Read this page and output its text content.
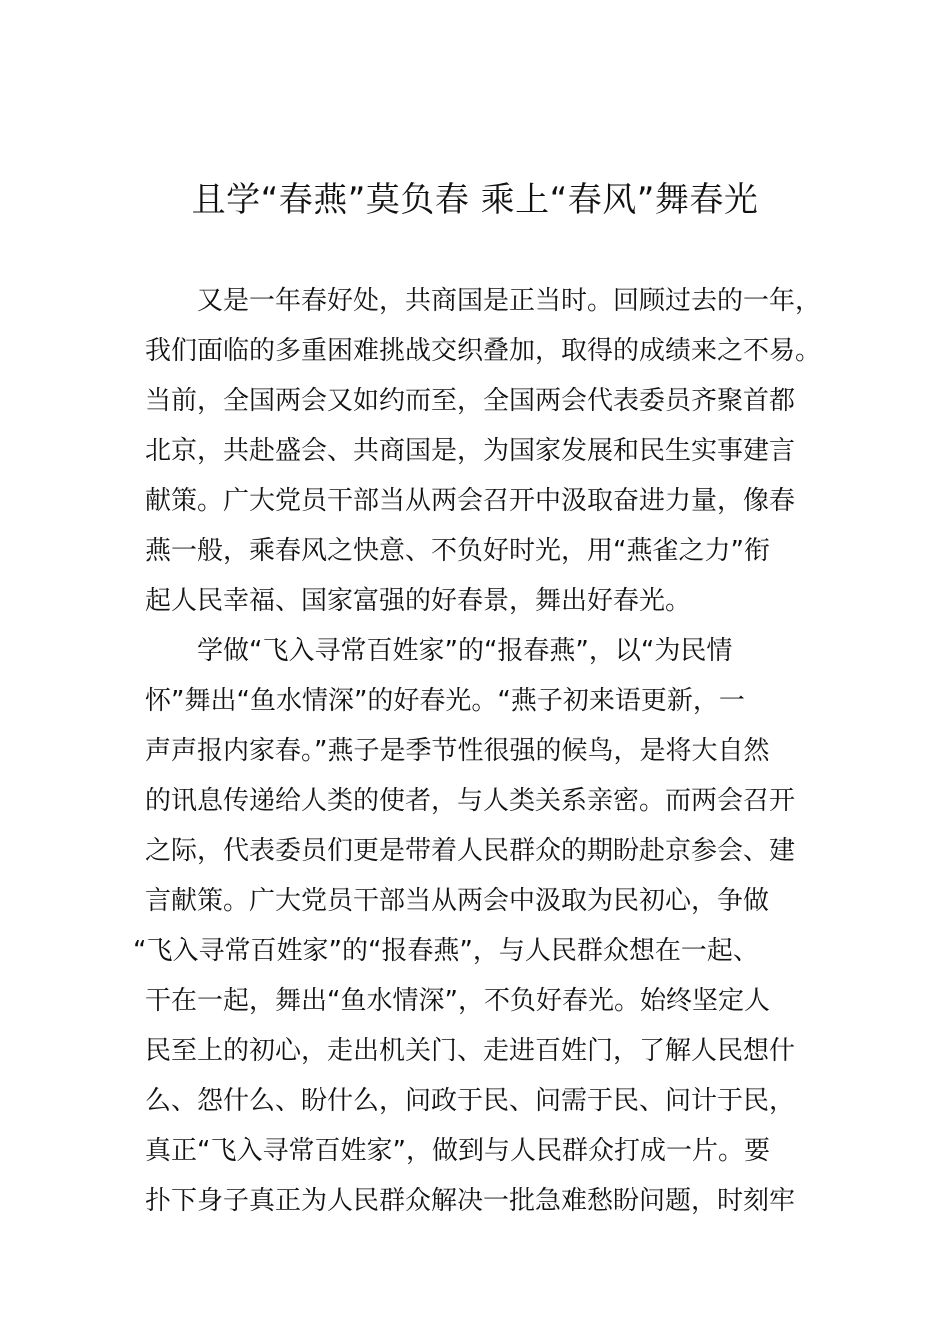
且学“春燕”莫负春 乘上“春风”舞春光
又是一年春好处，共商国是正当时。回顾过去的一年，
我们面临的多重困难挑战交织叠加，取得的成绩来之不易。
当前，全国两会又如约而至，全国两会代表委员齐聚首都
北京，共赴盛会、共商国是，为国家发展和民生实事建言
献策。广大党员干部当从两会召开中汲取奋进力量，像春
燕一般，乘春风之快意、不负好时光，用“燕雀之力”衔
起人民幸福、国家富强的好春景，舞出好春光。
学做“飞入寻常百姓家”的“报春燕”，以“为民情
怀”舞出“鱼水情深”的好春光。“燕子初来语更新，一
声声报内家春。”燕子是季节性很强的候鸟，是将大自然
的讯息传递给人类的使者，与人类关系亲密。而两会召开
之际，代表委员们更是带着人民群众的期盼赴京参会、建
言献策。广大党员干部当从两会中汲取为民初心，争做
“飞入寻常百姓家”的“报春燕”，与人民群众想在一起、
干在一起，舞出“鱼水情深”，不负好春光。始终坚定人
民至上的初心，走出机关门、走进百姓门，了解人民想什
么、怨什么、盼什么，问政于民、问需于民、问计于民，
真正“飞入寻常百姓家”，做到与人民群众打成一片。要
扑下身子真正为人民群众解决一批急难愁盼问题，时刻牢
